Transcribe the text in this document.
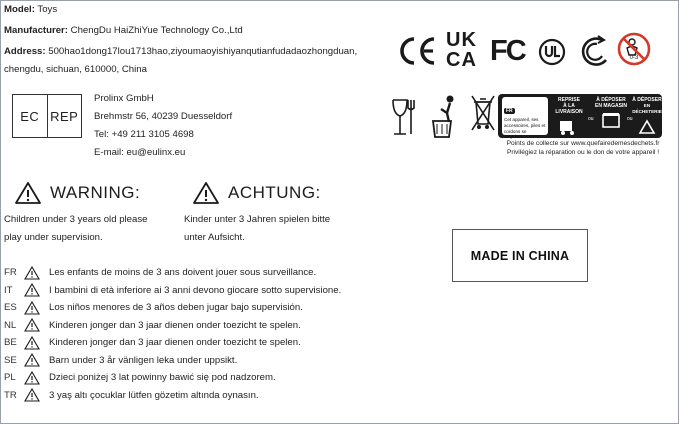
Model: Toys
Manufacturer: ChengDu HaiZhiYue Technology Co.,Ltd
Address: 500hao1dong17lou1713hao,ziyoumaoyishiyanqutianfudadaozhongduan,
chengdu, sichuan, 610000, China
EC REP
Prolinx GmbH
Brehmstr 56, 40239 Duesseldorf
Tel: +49 211 3105 4698
E-mail: eu@eulinx.eu
UK
CA FC	0-3
FR
Cet appareil, ses accessoires, piles et cordons se recyclent
REPRISE
À LA LIVRAISON
ou
À DÉPOSER
EN MAGASIN
ou
À DÉPOSER
EN DÉCHETERIE
Points de collecte sur www.quefairedemesdechets.fr
Privilégiez la réparation ou le don de votre appareil !
WARNING:
Children under 3 years old please
play under supervision.
ACHTUNG:
Kinder unter 3 Jahren spielen bitte
unter Aufsicht.
MADE IN CHINA
FR	Les enfants de moins de 3 ans doivent jouer sous surveillance.
IT	I bambini di età inferiore ai 3 anni devono giocare sotto supervisione.
ES	Los niños menores de 3 años deben jugar bajo supervisión.
NL	Kinderen jonger dan 3 jaar dienen onder toezicht te spelen.
BE	Kinderen jonger dan 3 jaar dienen onder toezicht te spelen.
SE	Barn under 3 år vänligen leka under uppsikt.
PL	Dzieci poniżej 3 lat powinny bawić się pod nadzorem.
TR	3 yaş altı çocuklar lütfen gözetim altında oynasın.
